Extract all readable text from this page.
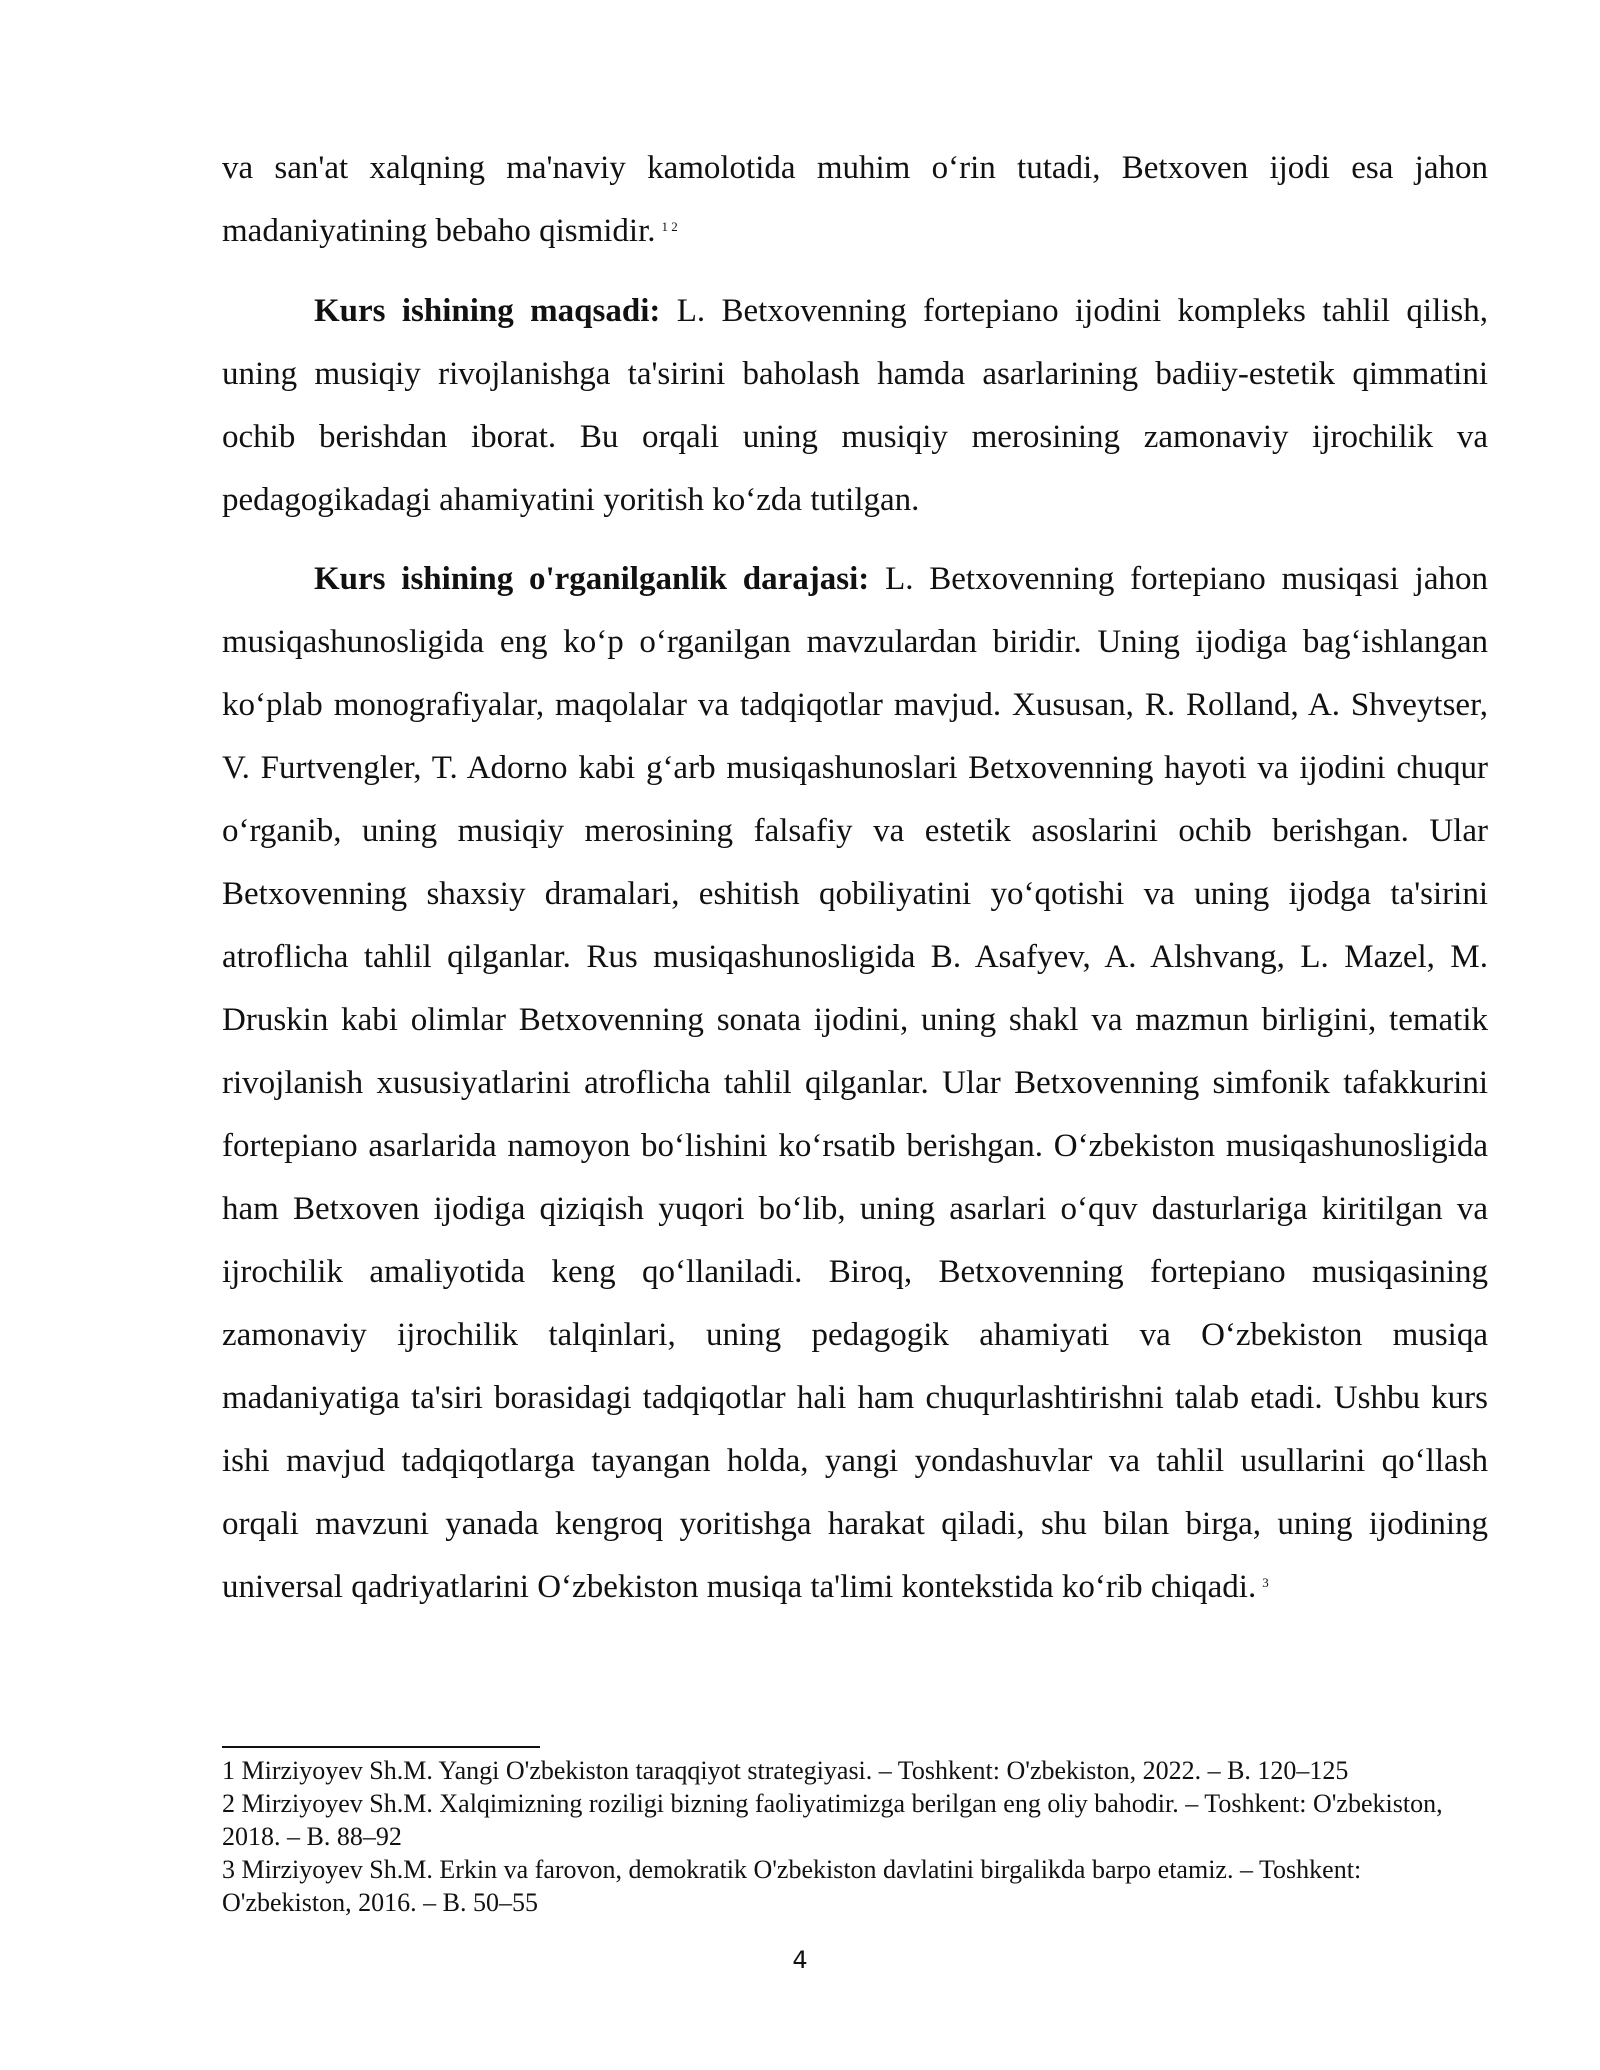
va san'at xalqning ma'naviy kamolotida muhim o‘rin tutadi, Betxoven ijodi esa jahon madaniyatining bebaho qismidir. $^{1 2}$

Kurs ishining maqsadi: L. Betxovenning fortepiano ijodini kompleks tahlil qilish, uning musiqiy rivojlanishga ta'sirini baholash hamda asarlarining badiiy-estetik qimmatini ochib berishdan iborat. Bu orqali uning musiqiy merosining zamonaviy ijrochilik va pedagogikadagi ahamiyatini yoritish ko‘zda tutilgan.

Kurs ishining o'rganilganlik darajasi: L. Betxovenning fortepiano musiqasi jahon musiqashunosligida eng ko‘p o‘rganilgan mavzulardan biridir. Uning ijodiga bag‘ishlangan ko‘plab monografiyalar, maqolalar va tadqiqotlar mavjud. Xususan, R. Rolland, A. Shveytser, V. Furtvengler, T. Adorno kabi g‘arb musiqashunoslari Betxovenning hayoti va ijodini chuqur o‘rganib, uning musiqiy merosining falsafiy va estetik asoslarini ochib berishgan. Ular Betxovenning shaxsiy dramalari, eshitish qobiliyatini yo‘qotishi va uning ijodga ta'sirini atroflicha tahlil qilganlar. Rus musiqashunosligida B. Asafyev, A. Alshvang, L. Mazel, M. Druskin kabi olimlar Betxovenning sonata ijodini, uning shakl va mazmun birligini, tematik rivojlanish xususiyatlarini atroflicha tahlil qilganlar. Ular Betxovenning simfonik tafakkurini fortepiano asarlarida namoyon bo‘lishini ko‘rsatib berishgan. O‘zbekiston musiqashunosligida ham Betxoven ijodiga qiziqish yuqori bo‘lib, uning asarlari o‘quv dasturlariga kiritilgan va ijrochilik amaliyotida keng qo‘llaniladi. Biroq, Betxovenning fortepiano musiqasining zamonaviy ijrochilik talqinlari, uning pedagogik ahamiyati va O‘zbekiston musiqa madaniyatiga ta'siri borasidagi tadqiqotlar hali ham chuqurlashtirishni talab etadi. Ushbu kurs ishi mavjud tadqiqotlarga tayangan holda, yangi yondashuvlar va tahlil usullarini qo‘llash orqali mavzuni yanada kengroq yoritishga harakat qiladi, shu bilan birga, uning ijodining universal qadriyatlarini O‘zbekiston musiqa ta'limi kontekstida ko‘rib chiqadi. $^3$

1 Mirziyoyev Sh.M. Yangi O'zbekiston taraqqiyot strategiyasi. – Toshkent: O'zbekiston, 2022. – B. 120–125

2 Mirziyoyev Sh.M. Xalqimizning roziligi bizning faoliyatimizga berilgan eng oliy bahodir. – Toshkent: O'zbekiston, 2018. – B. 88–92

3 Mirziyoyev Sh.M. Erkin va farovon, demokratik O'zbekiston davlatini birgalikda barpo etamiz. – Toshkent: O'zbekiston, 2016. – B. 50–55

4
